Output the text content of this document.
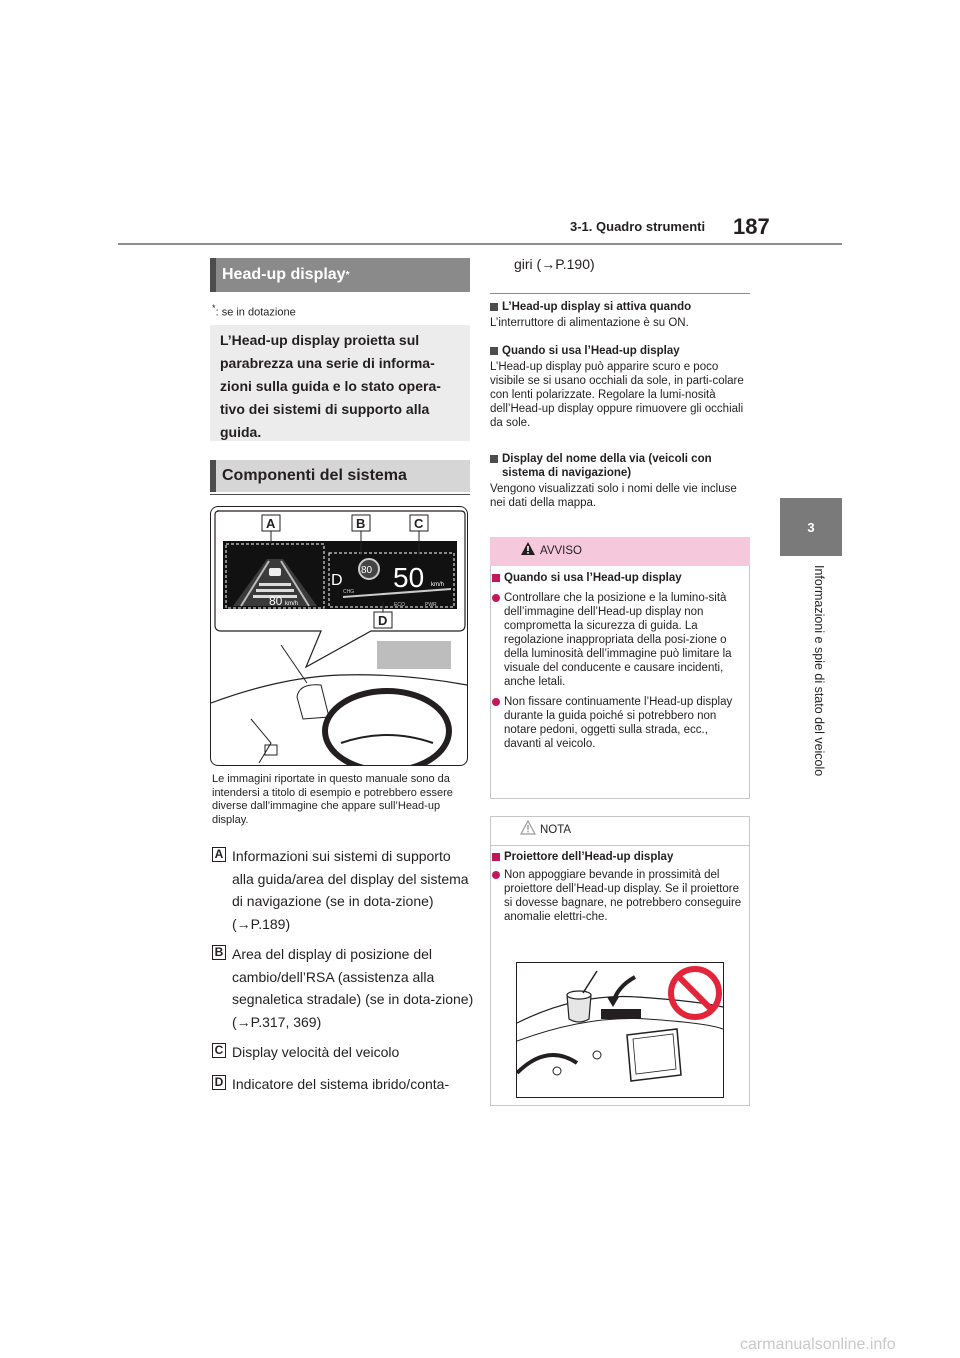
3-1. Quadro strumenti 187
3
Informazioni e spie di stato del veicolo
Head-up display *
*: se in dotazione
L’Head-up display proietta sul parabrezza una serie di informa-zioni sulla guida e lo stato opera-tivo dei sistemi di supporto alla guida.
Componenti del sistema
80 km/h
D
80 50 km/h
CHG
ECO	PWR
A	B	C
D
Le immagini riportate in questo manuale sono da intendersi a titolo di esempio e potrebbero essere diverse dall’immagine che appare sull’Head-up display.
A Informazioni sui sistemi di supporto alla guida/area del display del sistema di navigazione (se in dota-zione) (→P.189)
B Area del display di posizione del cambio/dell’RSA (assistenza alla segnaletica stradale) (se in dota-zione) (→P.317, 369)
C Display velocità del veicolo
D Indicatore del sistema ibrido/conta-
giri (→P.190)
L’Head-up display si attiva quando
L’interruttore di alimentazione è su ON.
Quando si usa l’Head-up display
L’Head-up display può apparire scuro e poco visibile se si usano occhiali da sole, in parti-colare con lenti polarizzate. Regolare la lumi-nosità dell’Head-up display oppure rimuovere gli occhiali da sole.
Display del nome della via (veicoli con sistema di navigazione)
Vengono visualizzati solo i nomi delle vie incluse nei dati della mappa.
AVVISO
Quando si usa l’Head-up display
Controllare che la posizione e la lumino-sità dell’immagine dell’Head-up display non comprometta la sicurezza di guida. La regolazione inappropriata della posi-zione o della luminosità dell’immagine può limitare la visuale del conducente e causare incidenti, anche letali.
Non fissare continuamente l’Head-up display durante la guida poiché si potrebbero non notare pedoni, oggetti sulla strada, ecc., davanti al veicolo.
NOTA
Proiettore dell’Head-up display
Non appoggiare bevande in prossimità del proiettore dell’Head-up display. Se il proiettore si dovesse bagnare, ne potrebbero conseguire anomalie elettri-che.
carmanualsonline.info
